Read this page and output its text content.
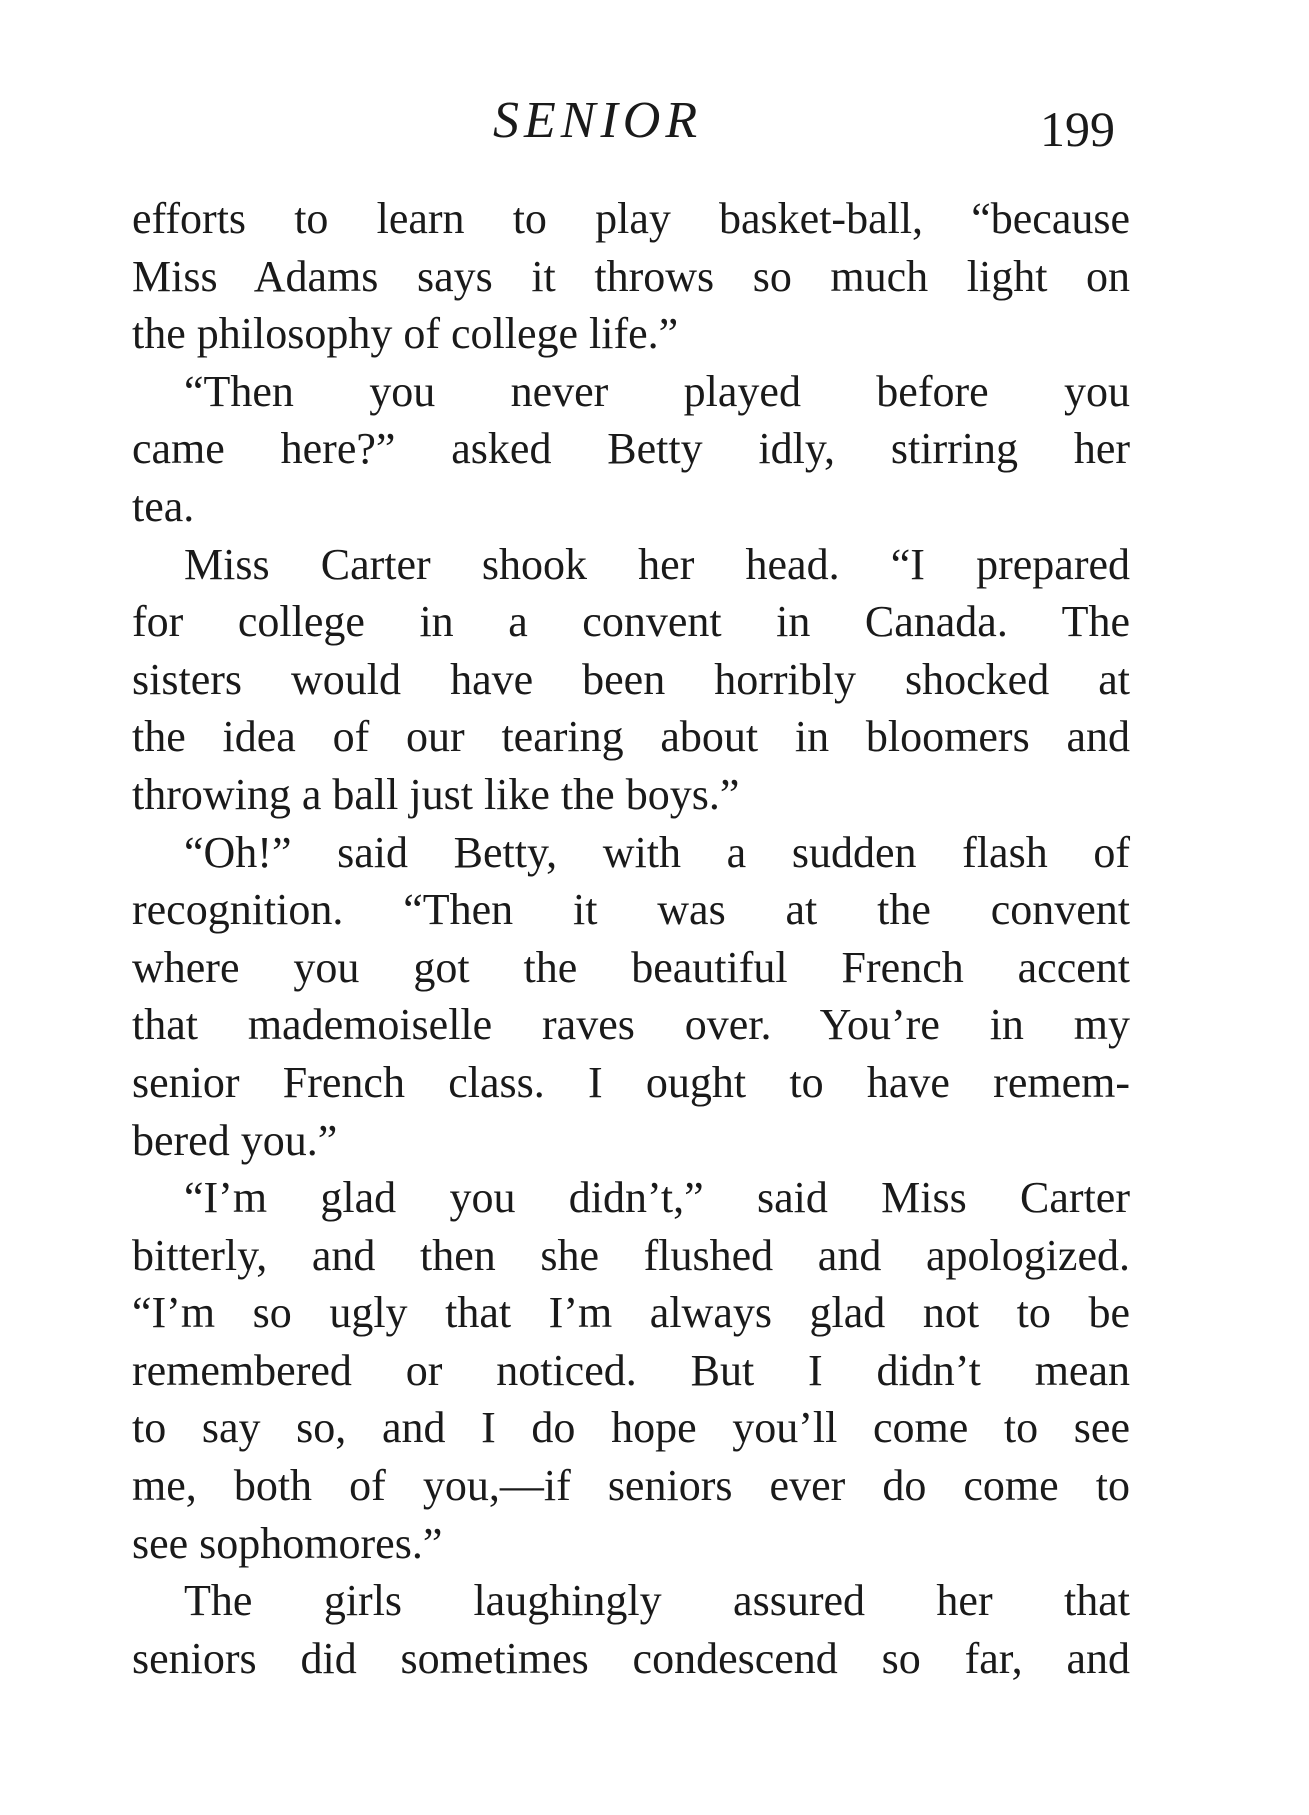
SENIOR	199
efforts to learn to play basket-ball, “because
Miss Adams says it throws so much light on
the philosophy of college life.”
“Then you never played before you
came here?” asked Betty idly, stirring her
tea.
Miss Carter shook her head. “I prepared
for college in a convent in Canada. The
sisters would have been horribly shocked at
the idea of our tearing about in bloomers and
throwing a ball just like the boys.”
“Oh!” said Betty, with a sudden flash of
recognition. “Then it was at the convent
where you got the beautiful French accent
that mademoiselle raves over. You’re in my
senior French class. I ought to have remem-
bered you.”
“I’m glad you didn’t,” said Miss Carter
bitterly, and then she flushed and apologized.
“I’m so ugly that I’m always glad not to be
remembered or noticed. But I didn’t mean
to say so, and I do hope you’ll come to see
me, both of you,—if seniors ever do come to
see sophomores.”
The girls laughingly assured her that
seniors did sometimes condescend so far, and
